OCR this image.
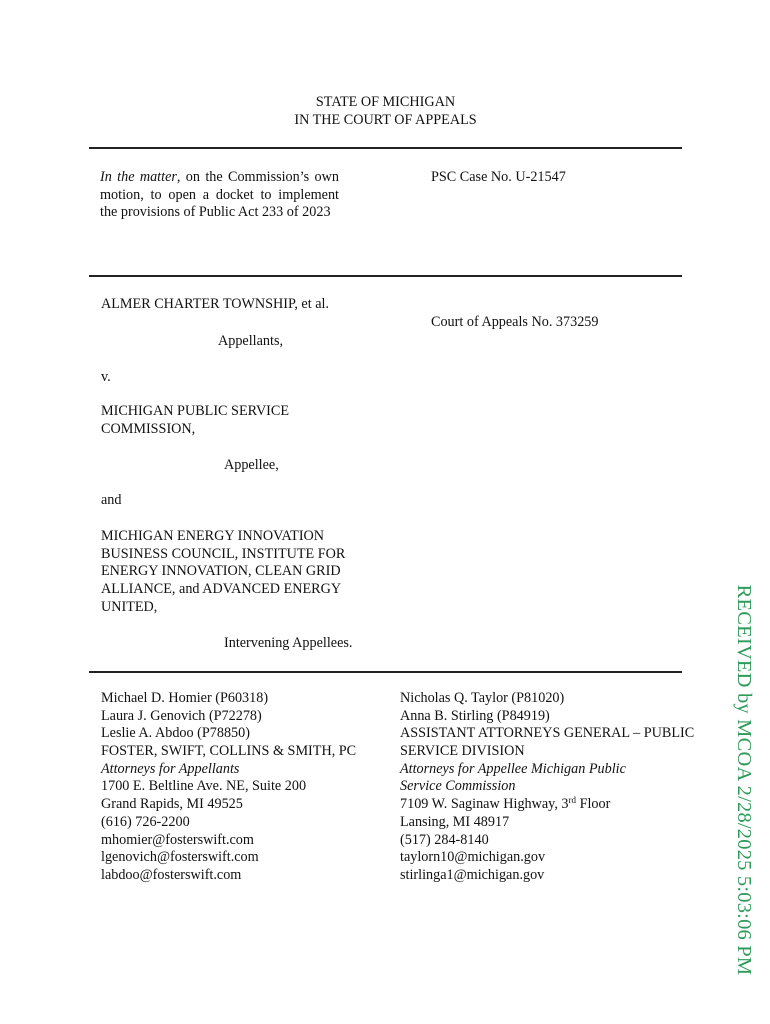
STATE OF MICHIGAN
IN THE COURT OF APPEALS
In the matter, on the Commission’s own motion, to open a docket to implement the provisions of Public Act 233 of 2023
PSC Case No. U-21547
ALMER CHARTER TOWNSHIP, et al.
Appellants,
v.
MICHIGAN PUBLIC SERVICE
COMMISSION,
Appellee,
and
MICHIGAN ENERGY INNOVATION
BUSINESS COUNCIL, INSTITUTE FOR
ENERGY INNOVATION, CLEAN GRID
ALLIANCE, and ADVANCED ENERGY
UNITED,
Intervening Appellees.
Court of Appeals No. 373259
Michael D. Homier (P60318)
Laura J. Genovich (P72278)
Leslie A. Abdoo (P78850)
FOSTER, SWIFT, COLLINS & SMITH, PC
Attorneys for Appellants
1700 E. Beltline Ave. NE, Suite 200
Grand Rapids, MI 49525
(616) 726-2200
mhomier@fosterswift.com
lgenovich@fosterswift.com
labdoo@fosterswift.com
Nicholas Q. Taylor (P81020)
Anna B. Stirling (P84919)
ASSISTANT ATTORNEYS GENERAL – PUBLIC
SERVICE DIVISION
Attorneys for Appellee Michigan Public
Service Commission
7109 W. Saginaw Highway, 3rd Floor
Lansing, MI 48917
(517) 284-8140
taylorn10@michigan.gov
stirlinga1@michigan.gov	RECEIVED by MCOA 2/28/2025 5:03:06 PM
